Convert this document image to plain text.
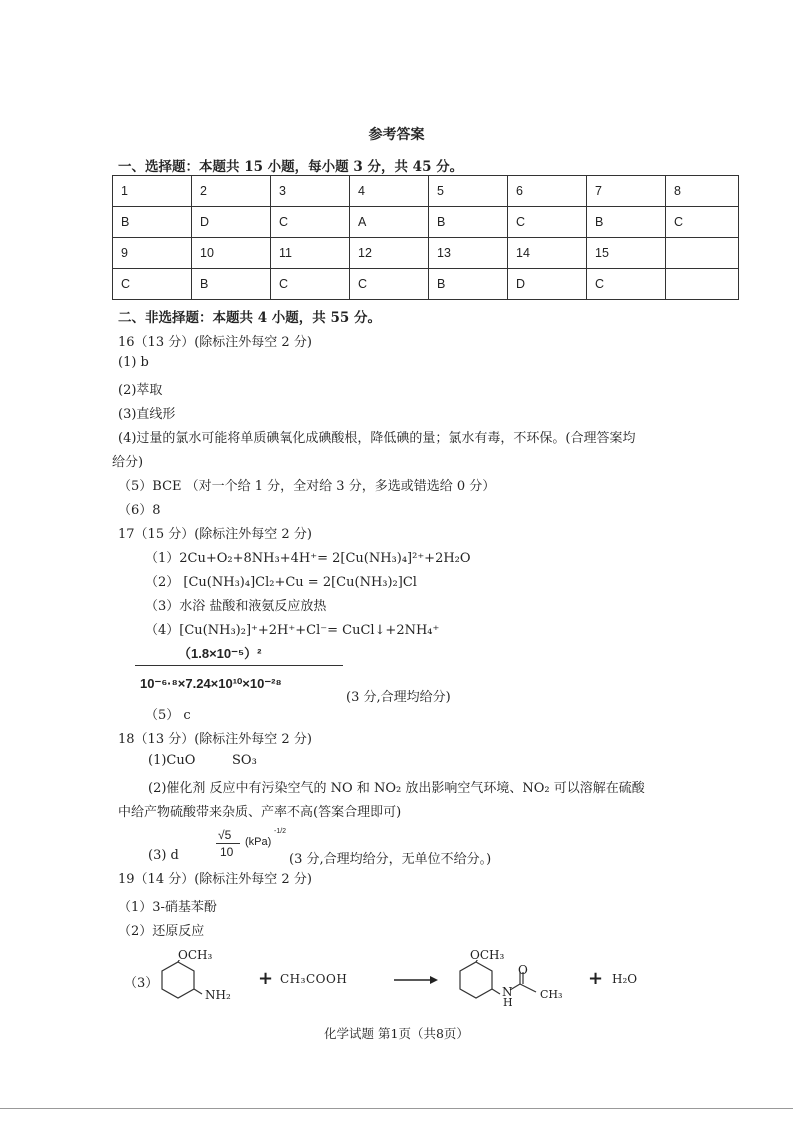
参考答案
一、选择题：本题共 15 小题，每小题 3 分，共 45 分。
1	2	3	4	5	6	7	8
B	D	C	A	B	C	B	C
9	10	11	12	13	14	15	
C	B	C	C	B	D	C	
二、非选择题：本题共 4 小题，共 55 分。
16（13 分）(除标注外每空 2 分)
(1) b
(2)萃取
(3)直线形
(4)过量的氯水可能将单质碘氧化成碘酸根，降低碘的量；氯水有毒，不环保。(合理答案均
给分)
（5）BCE （对一个给 1 分，全对给 3 分，多选或错选给 0 分）
（6）8
17（15 分）(除标注外每空 2 分)
（1）2Cu+O₂+8NH₃+4H⁺= 2[Cu(NH₃)₄]²⁺+2H₂O
（2） [Cu(NH₃)₄]Cl₂+Cu = 2[Cu(NH₃)₂]Cl
（3）水浴 盐酸和液氨反应放热
（4）[Cu(NH₃)₂]⁺+2H⁺+Cl⁻= CuCl↓+2NH₄⁺
（1.8×10⁻⁵）²
10⁻⁶·⁸×7.24×10¹⁰×10⁻²⁸
(3 分,合理均给分)
（5） c
18（13 分）(除标注外每空 2 分)
(1)CuO	SO₃
(2)催化剂 反应中有污染空气的 NO 和 NO₂ 放出影响空气环境、NO₂ 可以溶解在硫酸
中给产物硫酸带来杂质、产率不高(答案合理即可)
(3) d
√5
10
(kPa)
-1/2
(3 分,合理均给分，无单位不给分。)
19（14 分）(除标注外每空 2 分)
（1）3-硝基苯酚
（2）还原反应
（3）
OCH₃
NH₂
+ CH₃COOH
OCH₃
N
H
O
CH₃
+ H₂O
化学试题 第1页（共8页）
